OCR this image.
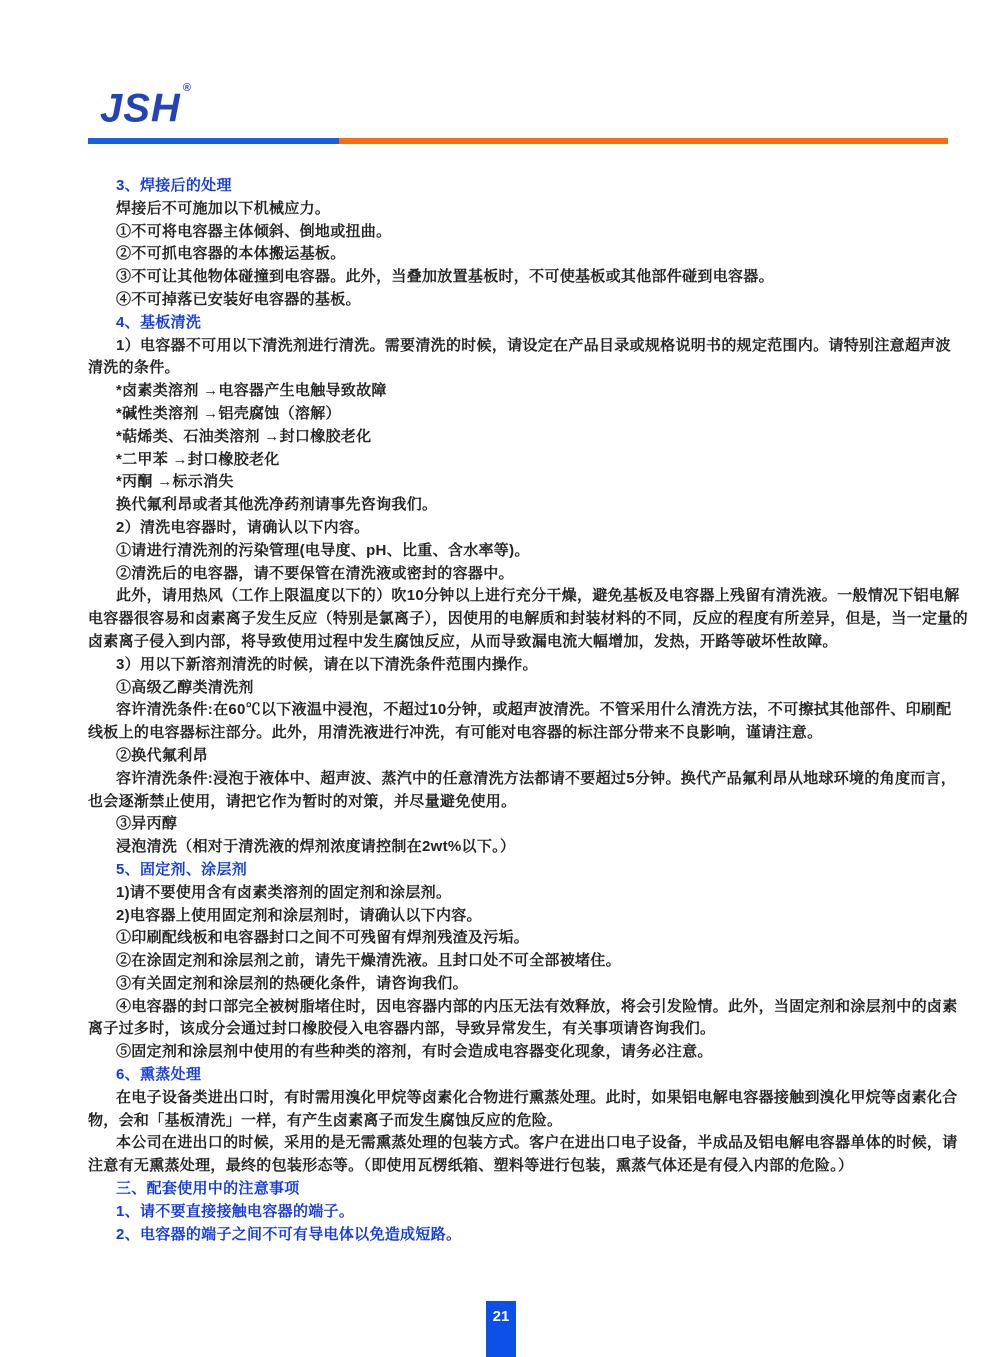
JSH ®
3、焊接后的处理
焊接后不可施加以下机械应力。
①不可将电容器主体倾斜、倒地或扭曲。
②不可抓电容器的本体搬运基板。
③不可让其他物体碰撞到电容器。此外，当叠加放置基板时，不可使基板或其他部件碰到电容器。
④不可掉落已安装好电容器的基板。
4、基板清洗
1）电容器不可用以下清洗剂进行清洗。需要清洗的时候，请设定在产品目录或规格说明书的规定范围内。请特别注意超声波
清洗的条件。
*卤素类溶剂 →电容器产生电触导致故障
*碱性类溶剂 →铝壳腐蚀（溶解）
*萜烯类、石油类溶剂 →封口橡胶老化
*二甲苯 →封口橡胶老化
*丙酮 →标示消失
换代氟利昂或者其他洗净药剂请事先咨询我们。
2）清洗电容器时，请确认以下内容。
①请进行清洗剂的污染管理(电导度、pH、比重、含水率等)。
②清洗后的电容器，请不要保管在清洗液或密封的容器中。
此外，请用热风（工作上限温度以下的）吹10分钟以上进行充分干燥，避免基板及电容器上残留有清洗液。一般情况下铝电解
电容器很容易和卤素离子发生反应（特别是氯离子），因使用的电解质和封装材料的不同，反应的程度有所差异，但是，当一定量的
卤素离子侵入到内部，将导致使用过程中发生腐蚀反应，从而导致漏电流大幅增加，发热，开路等破坏性故障。
3）用以下新溶剂清洗的时候，请在以下清洗条件范围内操作。
①高级乙醇类清洗剂
容许清洗条件:在60℃以下液温中浸泡，不超过10分钟，或超声波清洗。不管采用什么清洗方法，不可擦拭其他部件、印刷配
线板上的电容器标注部分。此外，用清洗液进行冲洗，有可能对电容器的标注部分带来不良影响，谨请注意。
②换代氟利昂
容许清洗条件:浸泡于液体中、超声波、蒸汽中的任意清洗方法都请不要超过5分钟。换代产品氟利昂从地球环境的角度而言，
也会逐渐禁止使用，请把它作为暂时的对策，并尽量避免使用。
③异丙醇
浸泡清洗（相对于清洗液的焊剂浓度请控制在2wt%以下。）
5、固定剂、涂层剂
1)请不要使用含有卤素类溶剂的固定剂和涂层剂。
2)电容器上使用固定剂和涂层剂时，请确认以下内容。
①印刷配线板和电容器封口之间不可残留有焊剂残渣及污垢。
②在涂固定剂和涂层剂之前，请先干燥清洗液。且封口处不可全部被堵住。
③有关固定剂和涂层剂的热硬化条件，请咨询我们。
④电容器的封口部完全被树脂堵住时，因电容器内部的内压无法有效释放，将会引发险情。此外，当固定剂和涂层剂中的卤素
离子过多时，该成分会通过封口橡胶侵入电容器内部，导致异常发生，有关事项请咨询我们。
⑤固定剂和涂层剂中使用的有些种类的溶剂，有时会造成电容器变化现象，请务必注意。
6、熏蒸处理
在电子设备类进出口时，有时需用溴化甲烷等卤素化合物进行熏蒸处理。此时，如果铝电解电容器接触到溴化甲烷等卤素化合
物，会和「基板清洗」一样，有产生卤素离子而发生腐蚀反应的危险。
本公司在进出口的时候，采用的是无需熏蒸处理的包装方式。客户在进出口电子设备，半成品及铝电解电容器单体的时候，请
注意有无熏蒸处理，最终的包装形态等。（即使用瓦楞纸箱、塑料等进行包装，熏蒸气体还是有侵入内部的危险。）
三、配套使用中的注意事项
1、请不要直接接触电容器的端子。
2、电容器的端子之间不可有导电体以免造成短路。
21
